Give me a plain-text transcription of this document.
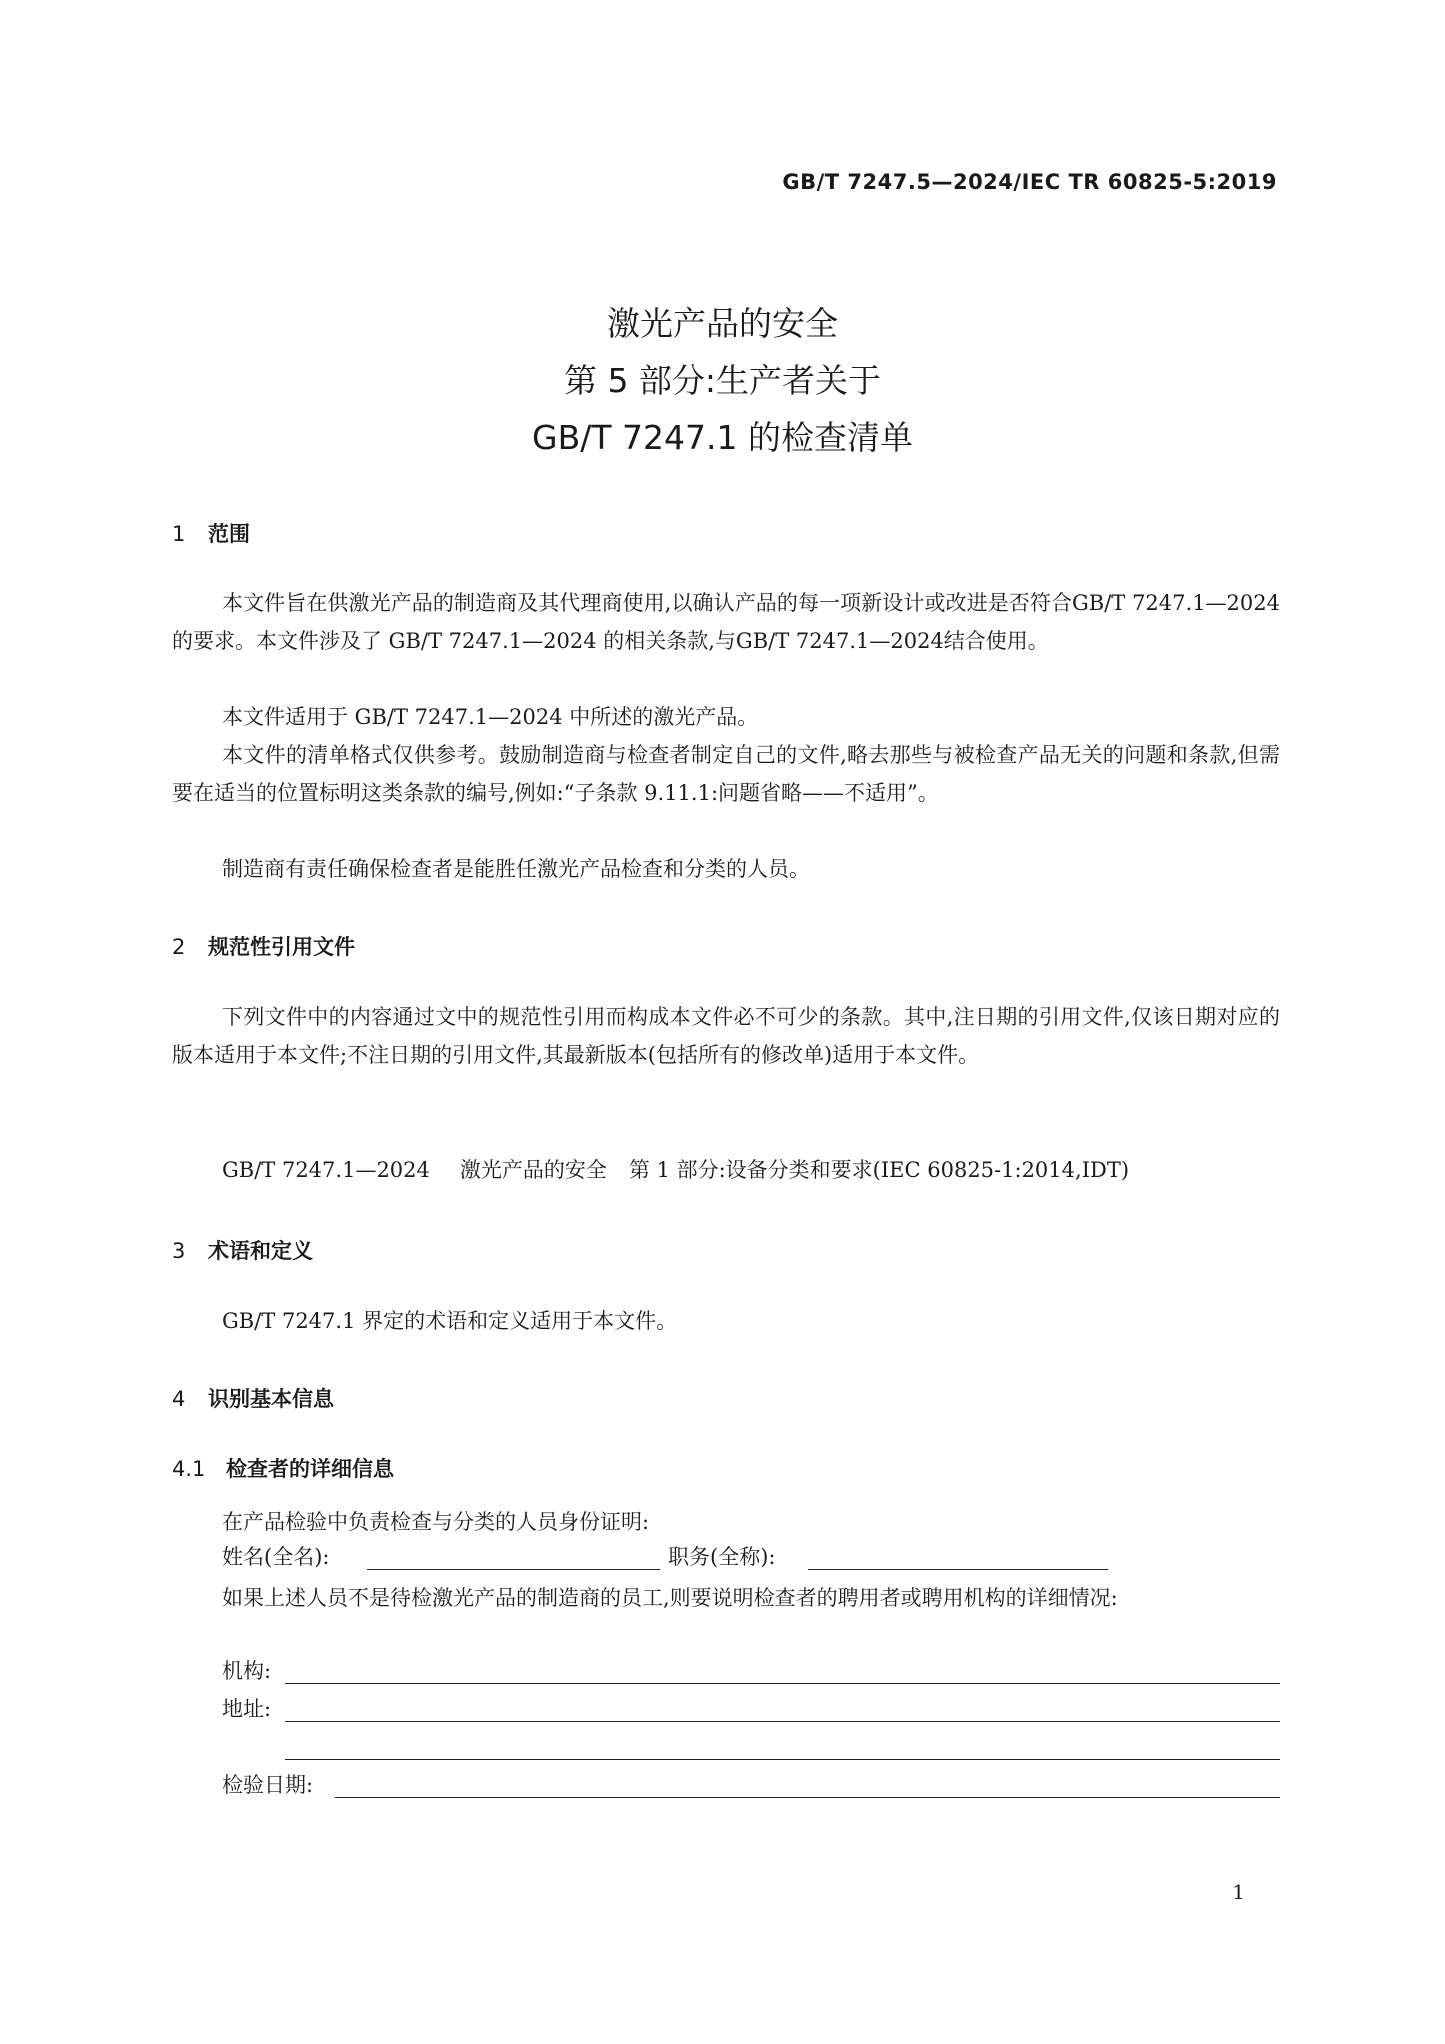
GB/T 7247.5—2024/IEC TR 60825-5:2019
激光产品的安全
第 5 部分:生产者关于
GB/T 7247.1 的检查清单
1 范围
本文件旨在供激光产品的制造商及其代理商使用,以确认产品的每一项新设计或改进是否符合GB/T 7247.1—2024 的要求。本文件涉及了 GB/T 7247.1—2024 的相关条款,与GB/T 7247.1—2024结合使用。
本文件适用于 GB/T 7247.1—2024 中所述的激光产品。
本文件的清单格式仅供参考。鼓励制造商与检查者制定自己的文件,略去那些与被检查产品无关的问题和条款,但需要在适当的位置标明这类条款的编号,例如:“子条款 9.11.1:问题省略——不适用”。
制造商有责任确保检查者是能胜任激光产品检查和分类的人员。
2 规范性引用文件
下列文件中的内容通过文中的规范性引用而构成本文件必不可少的条款。其中,注日期的引用文件,仅该日期对应的版本适用于本文件;不注日期的引用文件,其最新版本(包括所有的修改单)适用于本文件。
GB/T 7247.1—2024 激光产品的安全 第 1 部分:设备分类和要求(IEC 60825-1:2014,IDT)
3 术语和定义
GB/T 7247.1 界定的术语和定义适用于本文件。
4 识别基本信息
4.1 检查者的详细信息
在产品检验中负责检查与分类的人员身份证明:
姓名(全名):	职务(全称):
如果上述人员不是待检激光产品的制造商的员工,则要说明检查者的聘用者或聘用机构的详细情况:
机构:
地址:
检验日期:
1
